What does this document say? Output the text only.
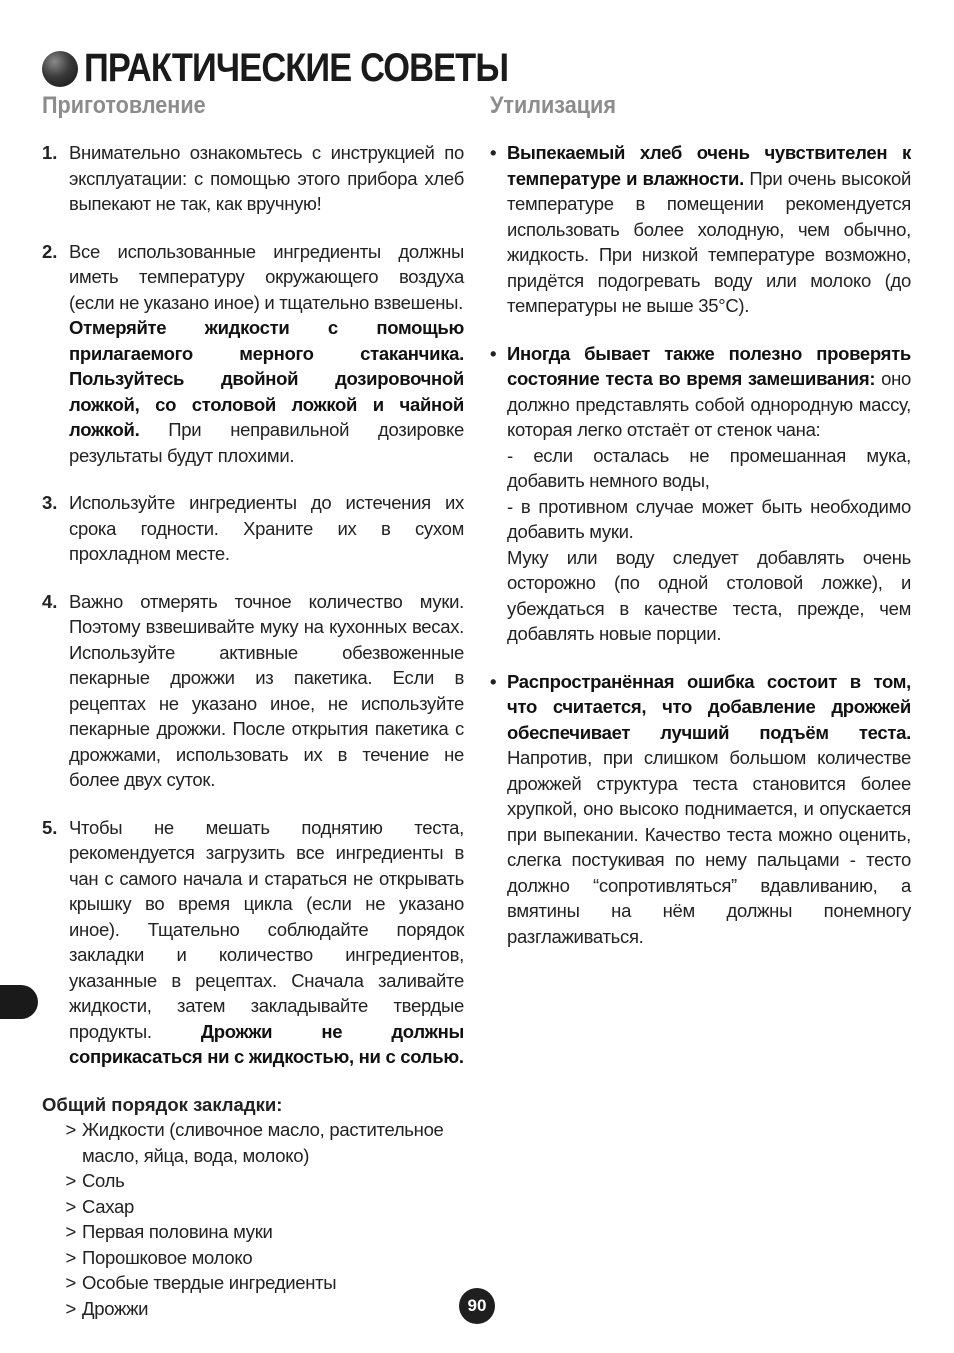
ПРАКТИЧЕСКИЕ СОВЕТЫ
Приготовление
1. Внимательно ознакомьтесь с инструкцией по эксплуатации: с помощью этого прибора хлеб выпекают не так, как вручную!

2. Все использованные ингредиенты должны иметь температуру окружающего воздуха (если не указано иное) и тщательно взвешены.

Отмеряйте жидкости с помощью прилагаемого мерного стаканчика. Пользуйтесь двойной дозировочной ложкой, со столовой ложкой и чайной ложкой. При неправильной дозировке результаты будут плохими.

3. Используйте ингредиенты до истечения их срока годности. Храните их в сухом прохладном месте.

4. Важно отмерять точное количество муки. Поэтому взвешивайте муку на кухонных весах. Используйте активные обезвоженные пекарные дрожжи из пакетика. Если в рецептах не указано иное, не используйте пекарные дрожжи. После открытия пакетика с дрожжами, использовать их в течение не более двух суток.

5. Чтобы не мешать поднятию теста, рекомендуется загрузить все ингредиенты в чан с самого начала и стараться не открывать крышку во время цикла (если не указано иное). Тщательно соблюдайте порядок закладки и количество ингредиентов, указанные в рецептах. Сначала заливайте жидкости, затем закладывайте твердые продукты. Дрожжи не должны соприкасаться ни с жидкостью, ни с солью.

Общий порядок закладки:
> Жидкости (сливочное масло, растительное масло, яйца, вода, молоко)
> Соль
> Сахар
> Первая половина муки
> Порошковое молоко
> Особые твердые ингредиенты
> Дрожжи
Утилизация
• Выпекаемый хлеб очень чувствителен к температуре и влажности. При очень высокой температуре в помещении рекомендуется использовать более холодную, чем обычно, жидкость. При низкой температуре возможно, придётся подогревать воду или молоко (до температуры не выше 35°C).

• Иногда бывает также полезно проверять состояние теста во время замешивания: оно должно представлять собой однородную массу, которая легко отстаёт от стенок чана:

- если осталась не промешанная мука, добавить немного воды,

- в противном случае может быть необходимо добавить муки.

Муку или воду следует добавлять очень осторожно (по одной столовой ложке), и убеждаться в качестве теста, прежде, чем добавлять новые порции.

• Распространённая ошибка состоит в том, что считается, что добавление дрожжей обеспечивает лучший подъём теста. Напротив, при слишком большом количестве дрожжей структура теста становится более хрупкой, оно высоко поднимается, и опускается при выпекании. Качество теста можно оценить, слегка постукивая по нему пальцами - тесто должно “сопротивляться” вдавливанию, а вмятины на нём должны понемногу разглаживаться.

90
